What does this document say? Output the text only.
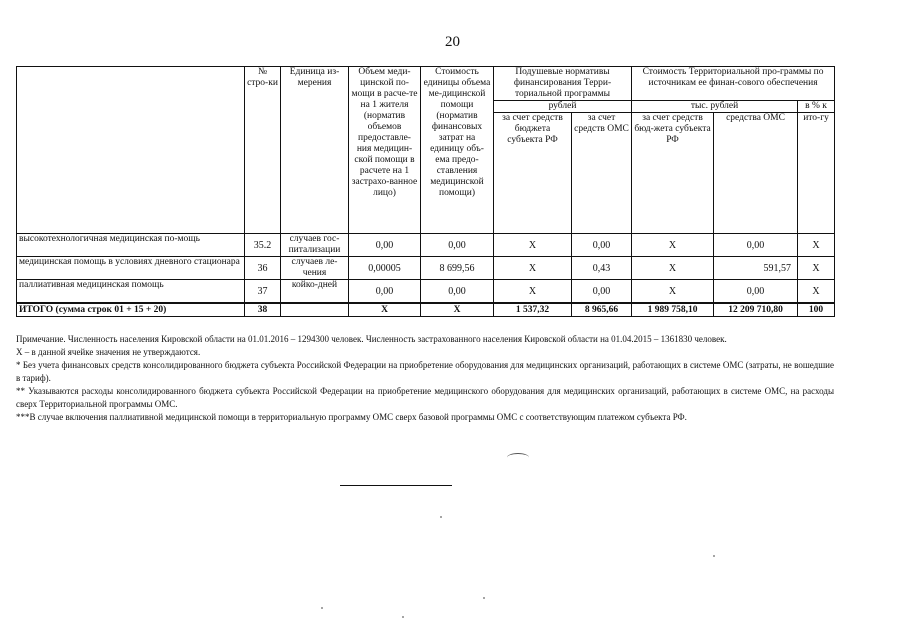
20
	№ стро-ки	Единица из-мерения	Объем меди-цинской по-мощи в расче-те на 1 жителя (норматив объемов предоставле-ния медицин-ской помощи в расчете на 1 застрахо-ванное лицо)	Стоимость единицы объема ме-дицинской помощи (норматив финансовых затрат на единицу объ-ема предо-ставления медицинской помощи)	Подушевые нормативы финансирования Терри-ториальной программы		Стоимость Территориальной про-граммы по источникам ее финан-сового обеспечения		
					рублей		тыс. рублей		в % к
					за счет средств бюджета субъекта РФ	за счет средств ОМС	за счет средств бюд-жета субъекта РФ	средства ОМС	ито-гу
высокотехнологичная медицинская по-мощь	35.2	случаев гос-питализации	0,00	0,00	X	0,00	X	0,00	X
медицинская помощь в условиях дневного стационара	36	случаев ле-чения	0,00005	8 699,56	X	0,43	X	591,57	X
паллиативная медицинская помощь	37	койко-дней	0,00	0,00	X	0,00	X	0,00	X
ИТОГО (сумма строк 01 + 15 + 20)	38		X	X	1 537,32	8 965,66	1 989 758,10	12 209 710,80	100

Примечание. Численность населения Кировской области на 01.01.2016 – 1294300 человек. Численность застрахованного населения Кировской области на 01.04.2015 – 1361830 человек.

X – в данной ячейке значения не утверждаются.

* Без учета финансовых средств консолидированного бюджета субъекта Российской Федерации на приобретение оборудования для медицинских организаций, работающих в системе ОМС (затраты, не вошедшие в тариф).

** Указываются расходы консолидированного бюджета субъекта Российской Федерации на приобретение медицинского оборудования для медицинских организаций, работающих в системе ОМС, на расходы сверх Территориальной программы ОМС.

***В случае включения паллиативной медицинской помощи в территориальную программу ОМС сверх базовой программы ОМС с соответствующим платежом субъекта РФ.
